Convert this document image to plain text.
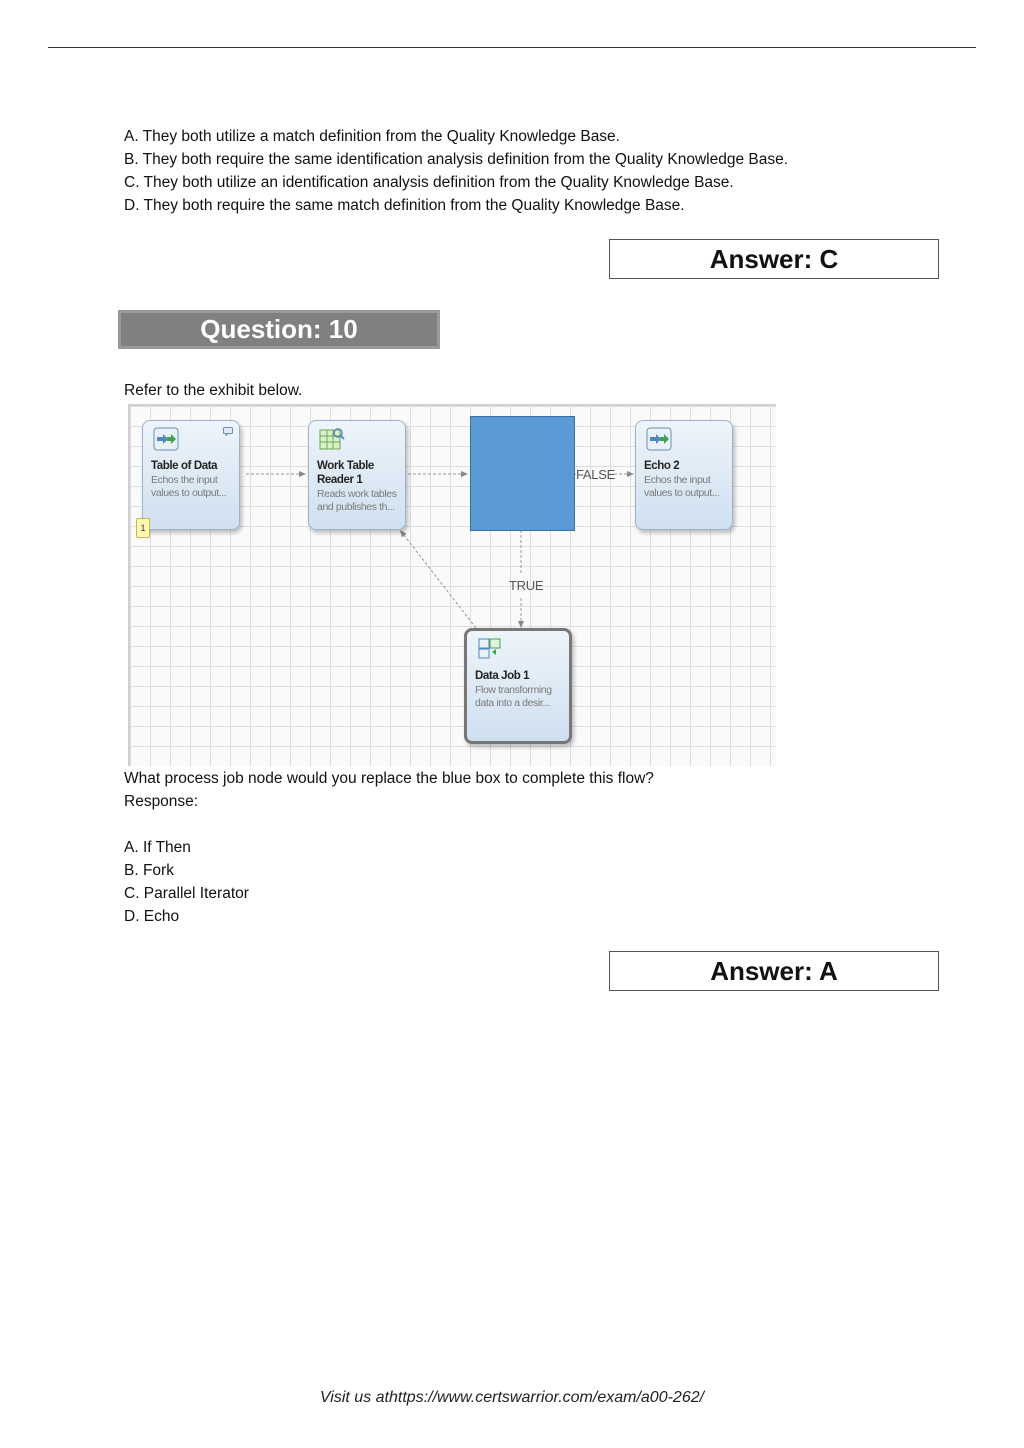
A. They both utilize a match definition from the Quality Knowledge Base.
B. They both require the same identification analysis definition from the Quality Knowledge Base.
C. They both utilize an identification analysis definition from the Quality Knowledge Base.
D. They both require the same match definition from the Quality Knowledge Base.
Answer: C
Question: 10
Refer to the exhibit below.
Table of Data
Echos the input
values to output...
1
Work Table
Reader 1
Reads work tables
and publishes th...
FALSE
TRUE
Echo 2
Echos the input
values to output...
Data Job 1
Flow transforming
data into a desir...
What process job node would you replace the blue box to complete this flow?
Response:
A. If Then
B. Fork
C. Parallel Iterator
D. Echo
Answer: A
Visit us athttps://www.certswarrior.com/exam/a00-262/
